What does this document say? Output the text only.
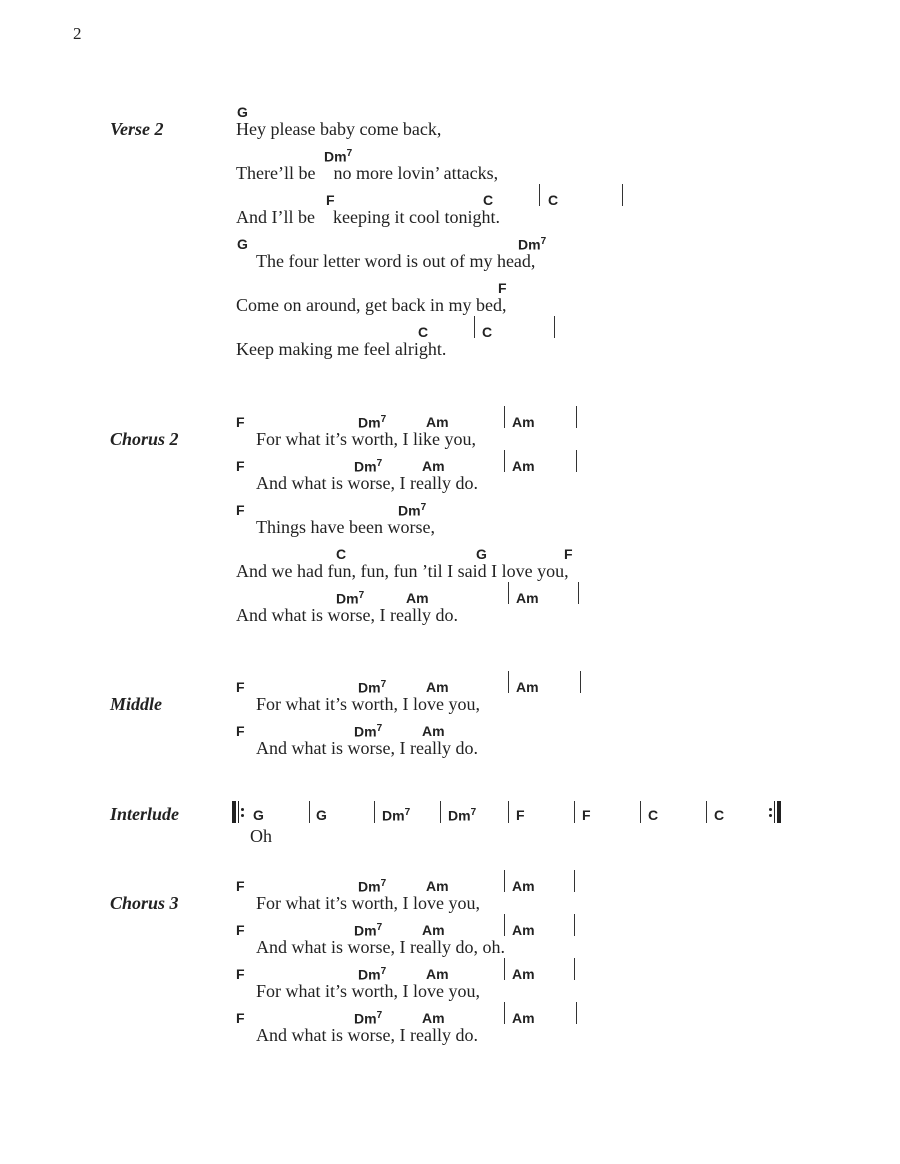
2
Verse 2
G
Hey please baby come back,
Dm$^7$
There’ll be    no more lovin’ attacks,
F	C	C
And I’ll be    keeping it cool tonight.
G	Dm$^7$
The four letter word is out of my head,
F
Come on around, get back in my bed,
C	C
Keep making me feel alright.
Chorus 2
F	Dm$^7$	Am	Am
For what it’s worth, I like you,
F	Dm$^7$	Am	Am
And what is worse, I really do.
F	Dm$^7$
Things have been worse,
C	G	F
And we had fun, fun, fun ’til I said I love you,
Dm$^7$	Am	Am
And what is worse, I really do.
Middle
F	Dm$^7$	Am	Am
For what it’s worth, I love you,
F	Dm$^7$	Am
And what is worse, I really do.
Interlude	G	G	Dm$^7$	Dm$^7$	F	F	C	C
Oh
Chorus 3
F	Dm$^7$	Am	Am
For what it’s worth, I love you,
F	Dm$^7$	Am	Am
And what is worse, I really do, oh.
F	Dm$^7$	Am	Am
For what it’s worth, I love you,
F	Dm$^7$	Am	Am
And what is worse, I really do.
